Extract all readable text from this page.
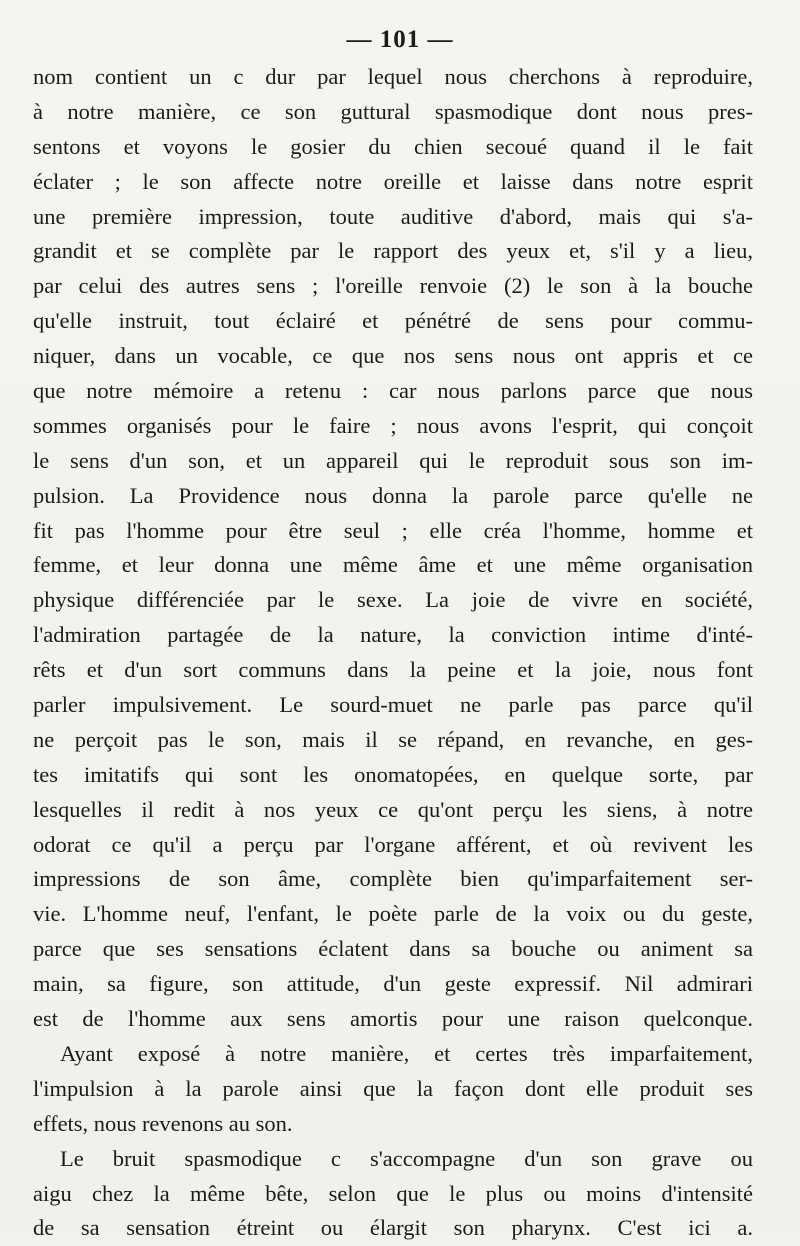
— 101 —
nom contient un c dur par lequel nous cherchons à reproduire,
à notre manière, ce son guttural spasmodique dont nous pres-
sentons et voyons le gosier du chien secoué quand il le fait
éclater ; le son affecte notre oreille et laisse dans notre esprit
une première impression, toute auditive d'abord, mais qui s'a-
grandit et se complète par le rapport des yeux et, s'il y a lieu,
par celui des autres sens ; l'oreille renvoie (2) le son à la bouche
qu'elle instruit, tout éclairé et pénétré de sens pour commu-
niquer, dans un vocable, ce que nos sens nous ont appris et ce
que notre mémoire a retenu : car nous parlons parce que nous
sommes organisés pour le faire ; nous avons l'esprit, qui conçoit
le sens d'un son, et un appareil qui le reproduit sous son im-
pulsion. La Providence nous donna la parole parce qu'elle ne
fit pas l'homme pour être seul ; elle créa l'homme, homme et
femme, et leur donna une même âme et une même organisation
physique différenciée par le sexe. La joie de vivre en société,
l'admiration partagée de la nature, la conviction intime d'inté-
rêts et d'un sort communs dans la peine et la joie, nous font
parler impulsivement. Le sourd-muet ne parle pas parce qu'il
ne perçoit pas le son, mais il se répand, en revanche, en ges-
tes imitatifs qui sont les onomatopées, en quelque sorte, par
lesquelles il redit à nos yeux ce qu'ont perçu les siens, à notre
odorat ce qu'il a perçu par l'organe afférent, et où revivent les
impressions de son âme, complète bien qu'imparfaitement ser-
vie. L'homme neuf, l'enfant, le poète parle de la voix ou du geste,
parce que ses sensations éclatent dans sa bouche ou animent sa
main, sa figure, son attitude, d'un geste expressif. Nil admirari
est de l'homme aux sens amortis pour une raison quelconque.
Ayant exposé à notre manière, et certes très imparfaitement,
l'impulsion à la parole ainsi que la façon dont elle produit ses
effets, nous revenons au son.
Le bruit spasmodique c s'accompagne d'un son grave ou
aigu chez la même bête, selon que le plus ou moins d'intensité
de sa sensation étreint ou élargit son pharynx. C'est ici a.
